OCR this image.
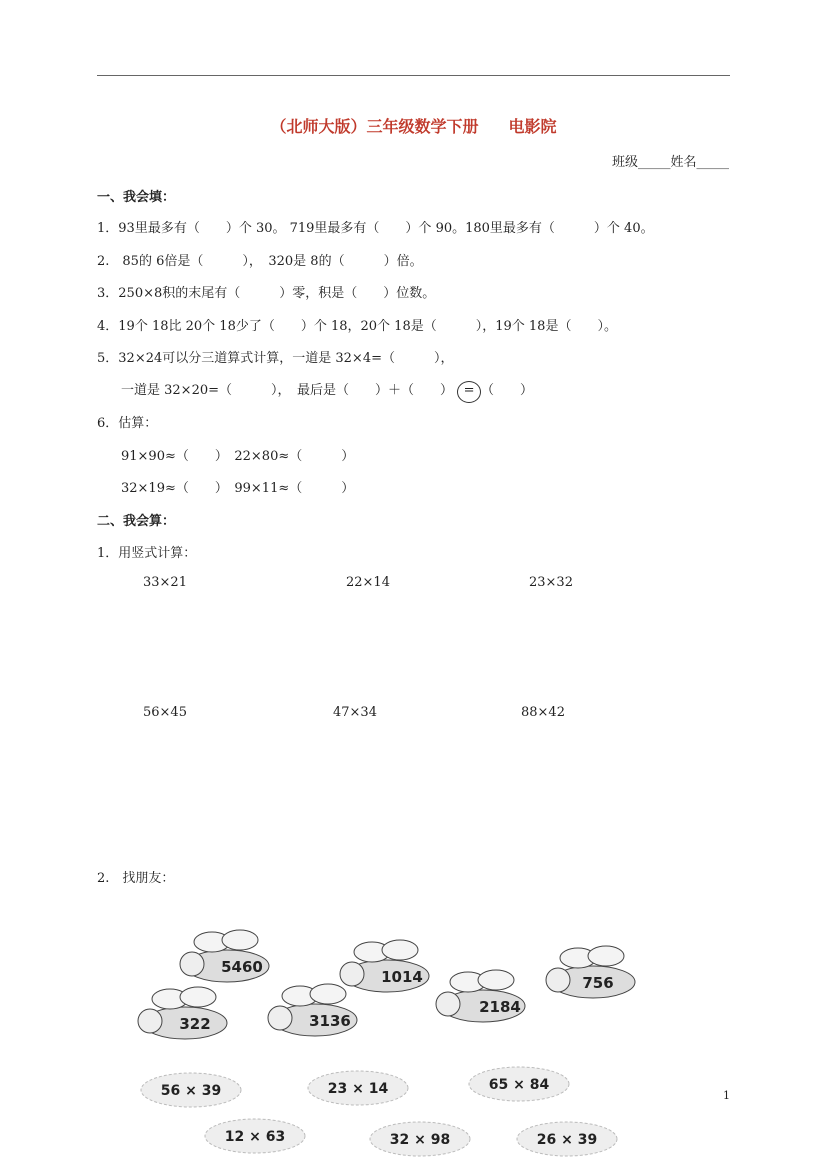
（北师大版）三年级数学下册 电影院
班级_____姓名_____
一、我会填：
1．93里最多有（　　）个 30。 719里最多有（　　）个 90。180里最多有（　　　）个 40。
2.　85的 6倍是（　　　），　320是 8的（　　　）倍。
3．250×8积的末尾有（　　　）零，积是（　　）位数。
4．19个 18比 20个 18少了（　　）个 18，20个 18是（　　　），19个 18是（　　）。
5．32×24可以分三道算式计算，一道是 32×4=（　　　），
一道是 32×20=（　　　），　最后是（　　）＋（　　） = （　　）
6．估算：
91×90≈（　　）　22×80≈（　　　）
32×19≈（　　）　99×11≈（　　　）
二、我会算：
1．用竖式计算：
33×21	22×14	23×32
56×45	47×34	88×42
2.　找朋友：
5460
1014	756
322	3136
2184
56 × 39	23 × 14	65 × 84
12 × 63	32 × 98	26 × 39
1
